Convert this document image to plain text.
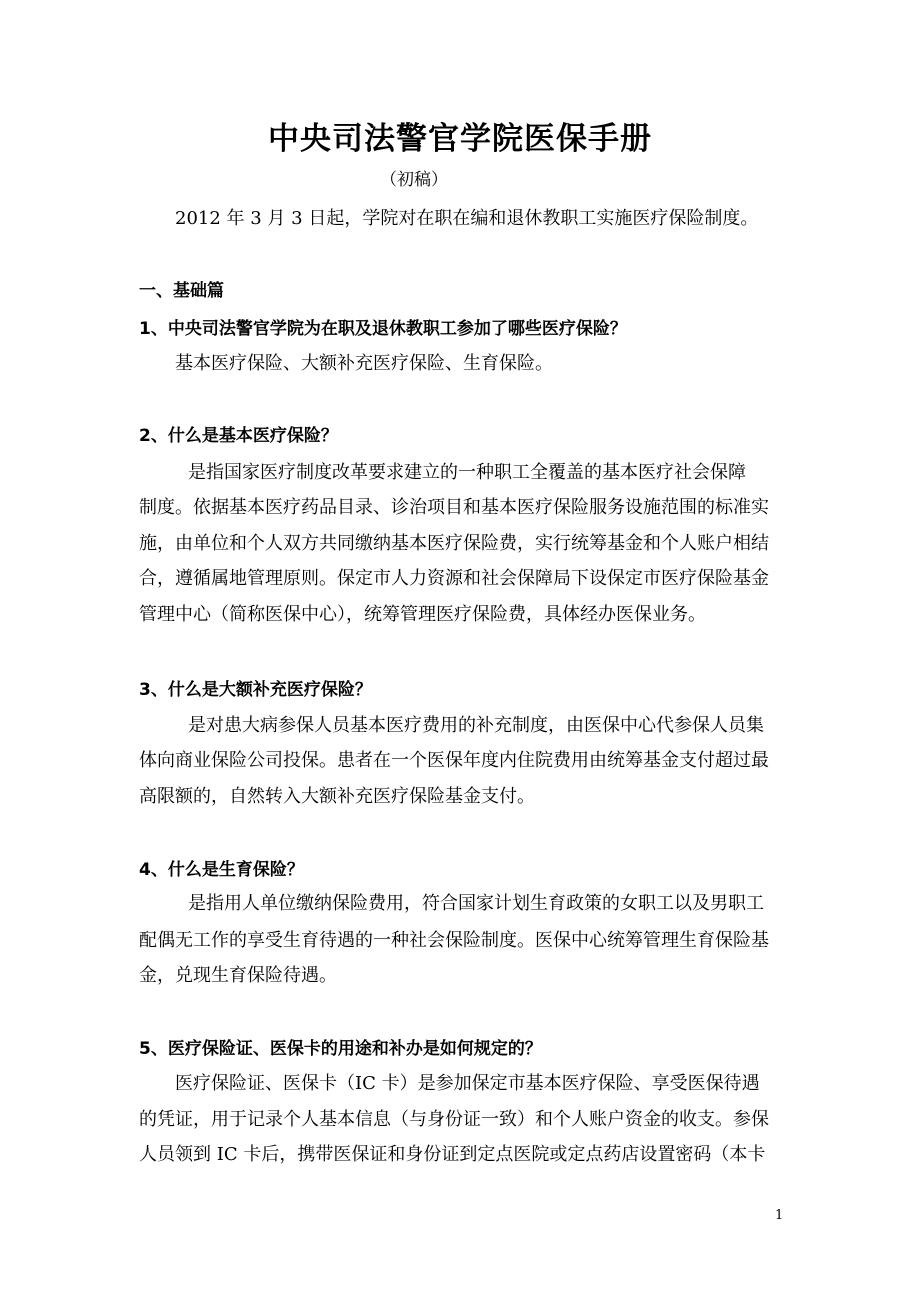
中央司法警官学院医保手册
（初稿）
2012 年 3 月 3 日起，学院对在职在编和退休教职工实施医疗保险制度。
一、基础篇
1、中央司法警官学院为在职及退休教职工参加了哪些医疗保险？
基本医疗保险、大额补充医疗保险、生育保险。
2、什么是基本医疗保险？
是指国家医疗制度改革要求建立的一种职工全覆盖的基本医疗社会保障
制度。依据基本医疗药品目录、诊治项目和基本医疗保险服务设施范围的标准实
施，由单位和个人双方共同缴纳基本医疗保险费，实行统筹基金和个人账户相结
合，遵循属地管理原则。保定市人力资源和社会保障局下设保定市医疗保险基金
管理中心（简称医保中心），统筹管理医疗保险费，具体经办医保业务。
3、什么是大额补充医疗保险？
是对患大病参保人员基本医疗费用的补充制度，由医保中心代参保人员集
体向商业保险公司投保。患者在一个医保年度内住院费用由统筹基金支付超过最
高限额的，自然转入大额补充医疗保险基金支付。
4、什么是生育保险？
是指用人单位缴纳保险费用，符合国家计划生育政策的女职工以及男职工
配偶无工作的享受生育待遇的一种社会保险制度。医保中心统筹管理生育保险基
金，兑现生育保险待遇。
5、医疗保险证、医保卡的用途和补办是如何规定的？
医疗保险证、医保卡（IC 卡）是参加保定市基本医疗保险、享受医保待遇
的凭证，用于记录个人基本信息（与身份证一致）和个人账户资金的收支。参保
人员领到 IC 卡后，携带医保证和身份证到定点医院或定点药店设置密码（本卡
1
